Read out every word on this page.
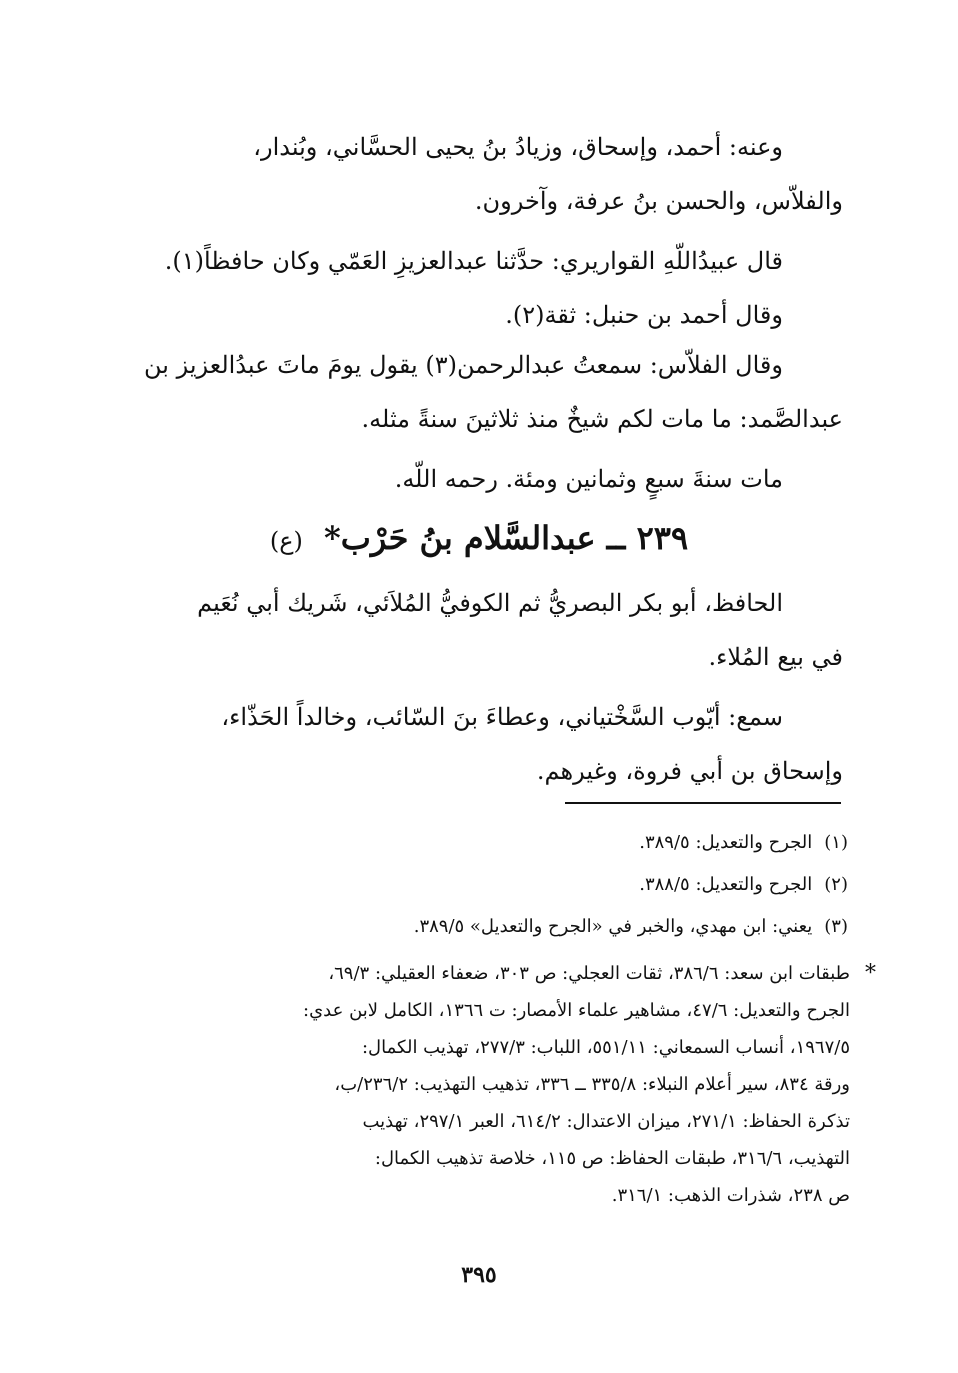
وعنه: أحمد، وإسحاق، وزيادُ بنُ يحيى الحسَّاني، وبُندار،
والفلاّس، والحسن بنُ عرفة، وآخرون.
قال عبيدُاللّهِ القواريري: حدَّثنا عبدالعزيزِ العَمّي وكان حافظاً(١).
وقال أحمد بن حنبل: ثقة(٢).
وقال الفلاّس: سمعتُ عبدالرحمن(٣) يقول يومَ ماتَ عبدُالعزيز بن
عبدالصَّمد: ما مات لكم شيخٌ منذ ثلاثينَ سنةً مثله.
مات سنةَ سبعٍ وثمانين ومئة. رحمه اللّه.
٢٣٩ ــ عبدالسَّلام بنُ حَرْب* (ع)
الحافظ، أبو بكر البصريُّ ثم الكوفيُّ المُلاَئي، شَريك أبي نُعَيم
في بيع المُلاء.
سمع: أيّوب السَّخْتياني، وعطاءَ بنَ السّائب، وخالداً الحَذّاء،
وإسحاق بن أبي فروة، وغيرهم.
(١)الجرح والتعديل: ٣٨٩/٥.
(٢)الجرح والتعديل: ٣٨٨/٥.
(٣)يعني: ابن مهدي، والخبر في «الجرح والتعديل» ٣٨٩/٥.
*
طبقات ابن سعد: ٣٨٦/٦، ثقات العجلي: ص ٣٠٣، ضعفاء العقيلي: ٦٩/٣،
الجرح والتعديل: ٤٧/٦، مشاهير علماء الأمصار: ت ١٣٦٦، الكامل لابن عدي:
١٩٦٧/٥، أنساب السمعاني: ٥٥١/١١، اللباب: ٢٧٧/٣، تهذيب الكمال:
ورقة ٨٣٤، سير أعلام النبلاء: ٣٣٥/٨ ــ ٣٣٦، تذهيب التهذيب: ٢٣٦/٢/ب،
تذكرة الحفاظ: ٢٧١/١، ميزان الاعتدال: ٦١٤/٢، العبر ٢٩٧/١، تهذيب
التهذيب، ٣١٦/٦، طبقات الحفاظ: ص ١١٥، خلاصة تذهيب الكمال:
ص ٢٣٨، شذرات الذهب: ٣١٦/١.
٣٩٥
